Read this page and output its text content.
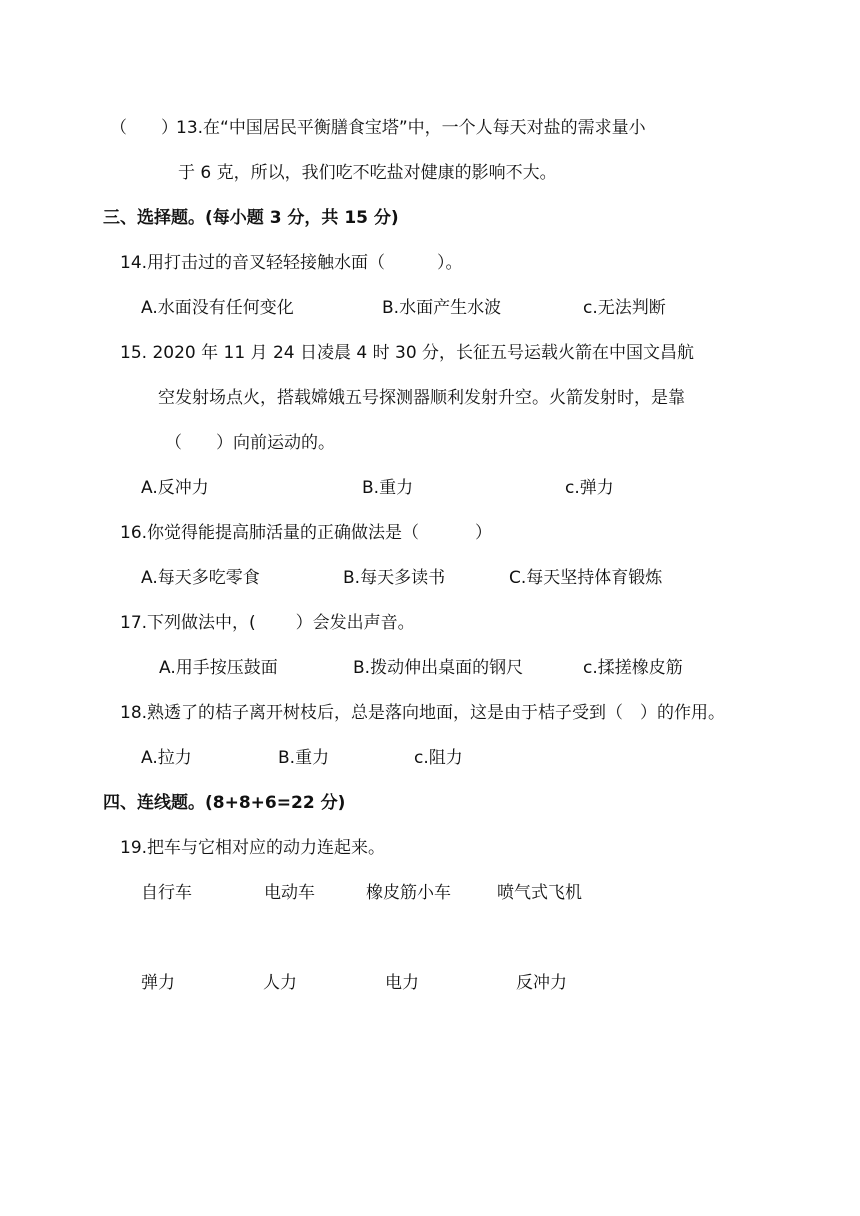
（　　）
13.在“中国居民平衡膳食宝塔”中，一个人每天对盐的需求量小
于 6 克，所以，我们吃不吃盐对健康的影响不大。
三、选择题。(每小题 3 分，共 15 分)
14.用打击过的音叉轻轻接触水面（	）。
A.水面没有任何变化	B.水面产生水波	c.无法判断
15. 2020 年 11 月 24 日凌晨 4 时 30 分，长征五号运载火箭在中国文昌航
空发射场点火，搭载嫦娥五号探测器顺利发射升空。火箭发射时，是靠
（　　）向前运动的。
A.反冲力	B.重力	c.弹力
16.你觉得能提高肺活量的正确做法是（	）
A.每天多吃零食	B.每天多读书	C.每天坚持体育锻炼
17.下列做法中，( ）会发出声音。
A.用手按压鼓面	B.拨动伸出桌面的钢尺	c.揉搓橡皮筋
18.熟透了的桔子离开树枝后，总是落向地面，这是由于桔子受到（　）的作用。
A.拉力	B.重力	c.阻力
四、连线题。(8+8+6=22 分)
19.把车与它相对应的动力连起来。
自行车	电动车	橡皮筋小车	喷气式飞机
弹力	人力	电力	反冲力
